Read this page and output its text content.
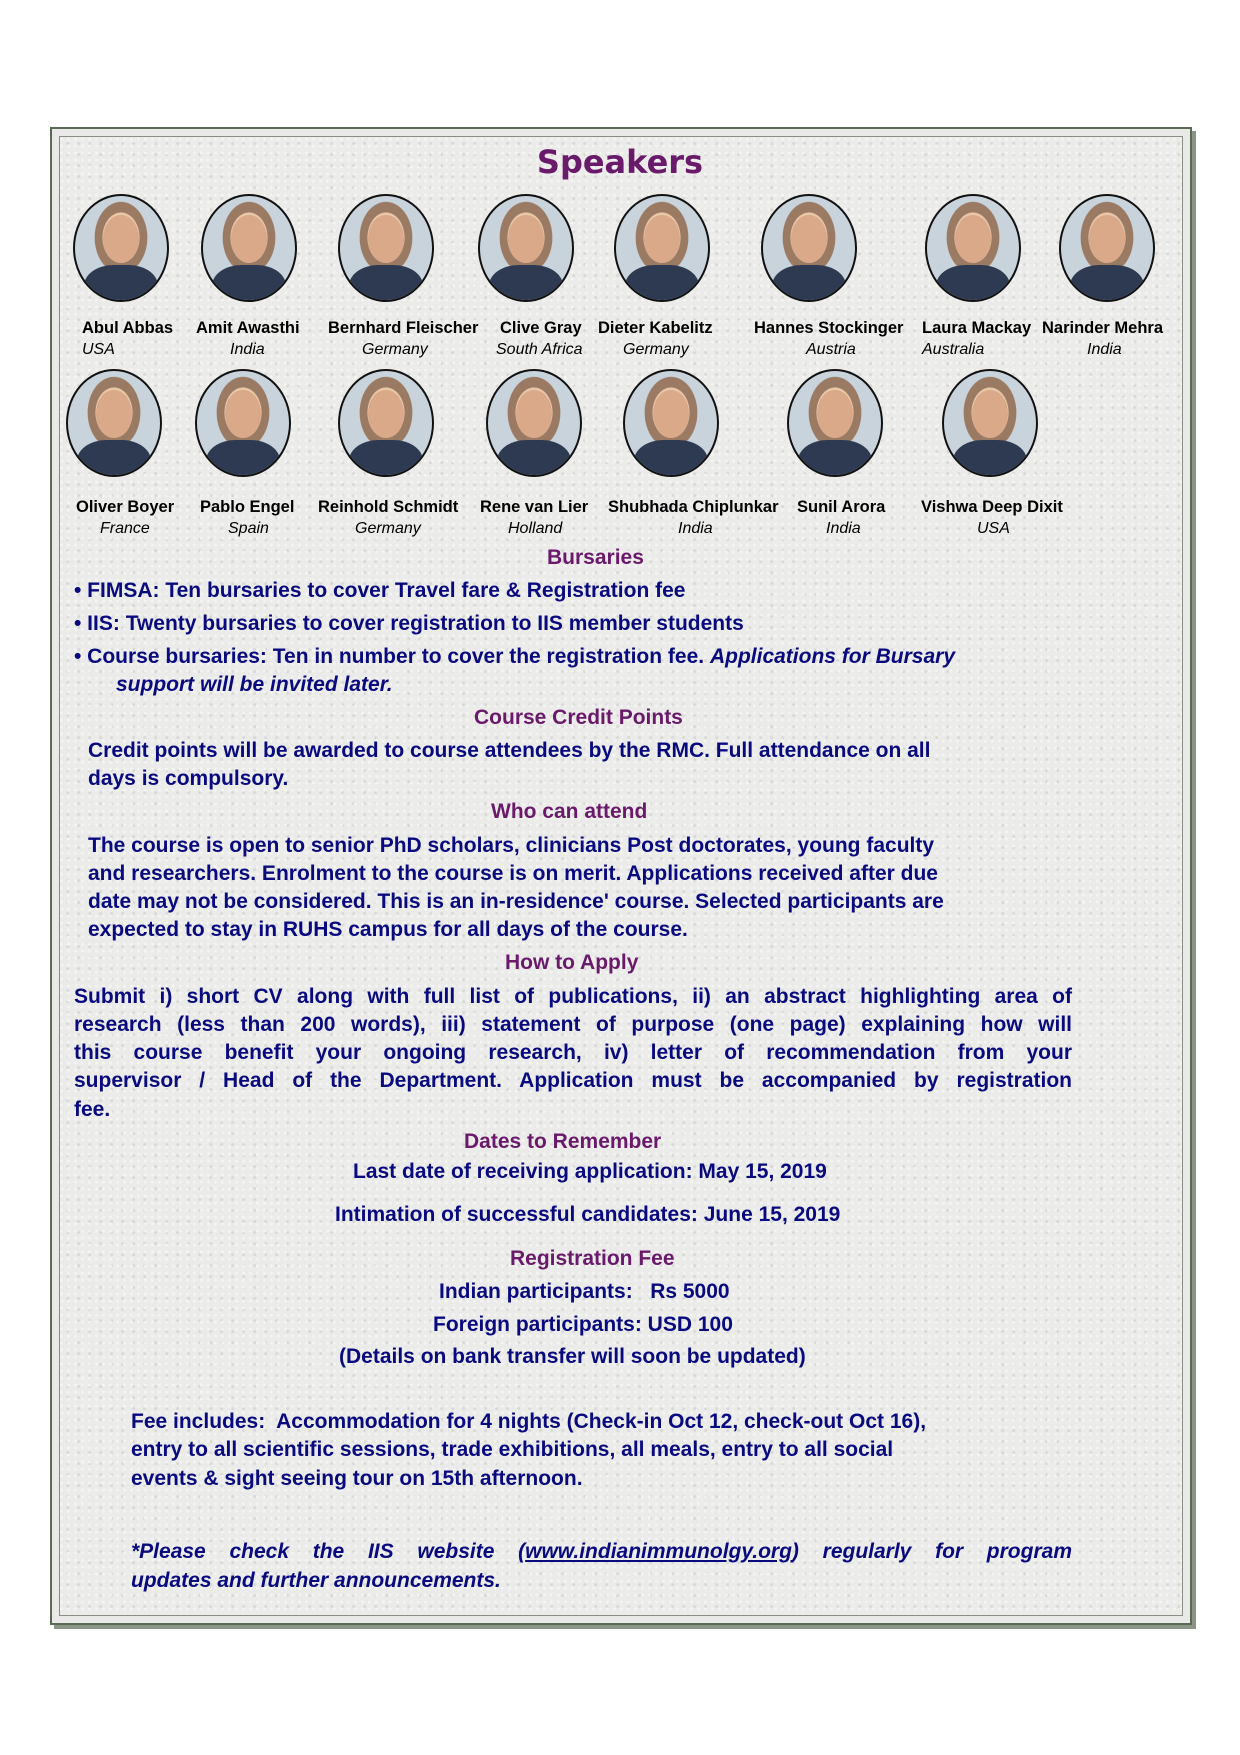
Speakers
Abul Abbas
USA
Amit Awasthi
India
Bernhard Fleischer
Germany
Clive Gray
South Africa
Dieter Kabelitz
Germany
Hannes Stockinger
Austria
Laura Mackay
Australia
Narinder Mehra
India
Oliver Boyer
France
Pablo Engel
Spain
Reinhold Schmidt
Germany
Rene van Lier
Holland
Shubhada Chiplunkar
India
Sunil Arora
India
Vishwa Deep Dixit
USA
Bursaries
• FIMSA: Ten bursaries to cover Travel fare & Registration fee
• IIS: Twenty bursaries to cover registration to IIS member students
• Course bursaries: Ten in number to cover the registration fee. Applications for Bursary
support will be invited later.
Course Credit Points
Credit points will be awarded to course attendees by the RMC. Full attendance on all
days is compulsory.
Who can attend
The course is open to senior PhD scholars, clinicians Post doctorates, young faculty
and researchers. Enrolment to the course is on merit. Applications received after due
date may not be considered. This is an in-residence' course. Selected participants are
expected to stay in RUHS campus for all days of the course.
How to Apply
Submit i) short CV along with full list of publications, ii) an abstract highlighting area of
research (less than 200 words), iii) statement of purpose (one page) explaining how will
this course benefit your ongoing research, iv) letter of recommendation from your
supervisor / Head of the Department. Application must be accompanied by registration
fee.
Dates to Remember
Last date of receiving application: May 15, 2019
Intimation of successful candidates: June 15, 2019
Registration Fee
Indian participants:   Rs 5000
Foreign participants: USD 100
(Details on bank transfer will soon be updated)
Fee includes:  Accommodation for 4 nights (Check-in Oct 12, check-out Oct 16),
entry to all scientific sessions, trade exhibitions, all meals, entry to all social
events & sight seeing tour on 15th afternoon.
*Please check the IIS website (www.indianimmunolgy.org) regularly for program
updates and further announcements.
